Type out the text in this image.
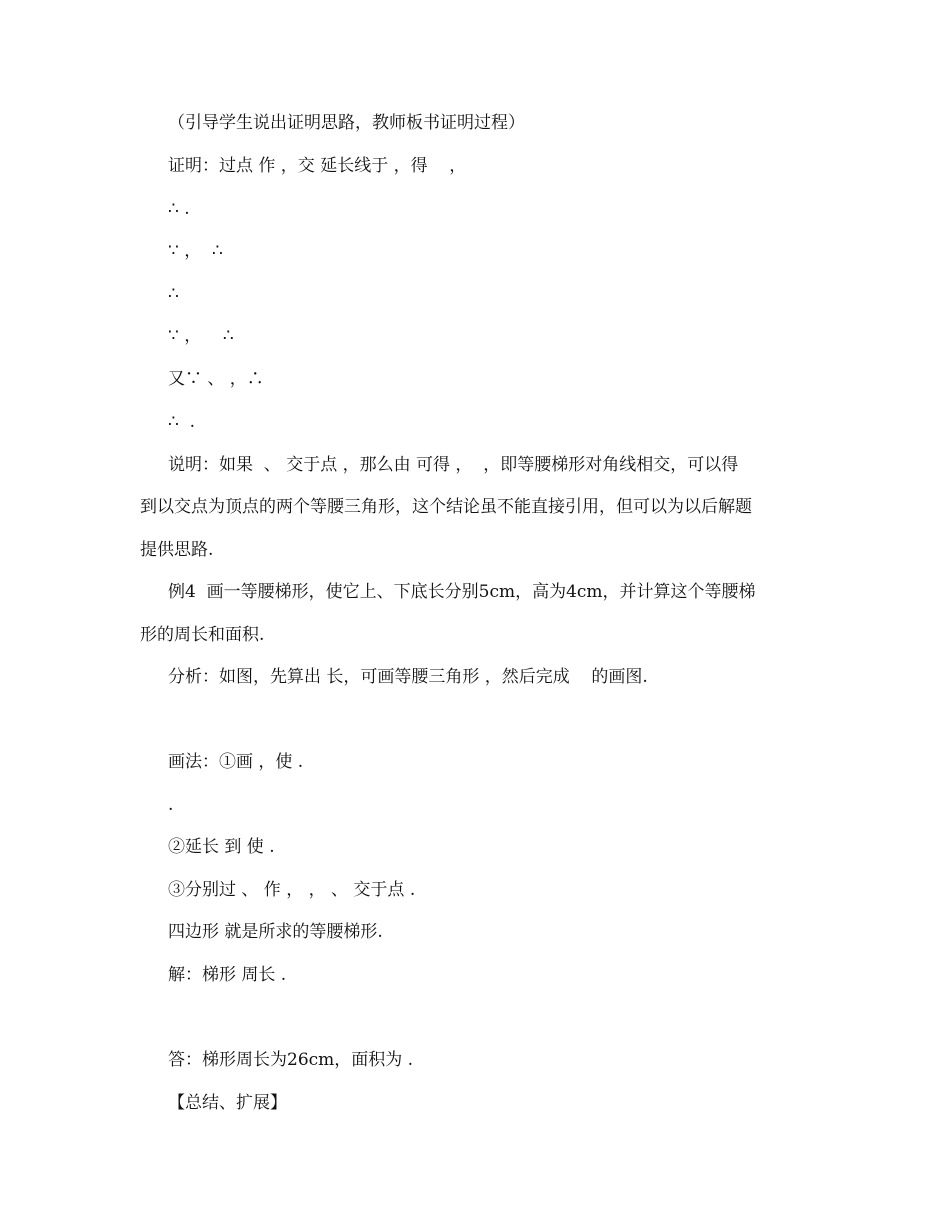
（引导学生说出证明思路，教师板书证明过程）
证明：过点 作 ，交 延长线于 ，得    ，
∴ .
∵ ，  ∴
∴
∵ ，    ∴
又∵ 、 ，∴
∴  .
说明：如果  、 交于点 ，那么由 可得 ，  ，即等腰梯形对角线相交，可以得
到以交点为顶点的两个等腰三角形，这个结论虽不能直接引用，但可以为以后解题
提供思路.
例4  画一等腰梯形，使它上、下底长分别5cm，高为4cm，并计算这个等腰梯
形的周长和面积.
分析：如图，先算出 长，可画等腰三角形 ，然后完成    的画图.
画法：①画 ，使 .
.
②延长 到 使 .
③分别过 、 作 ， ， 、 交于点 .
四边形 就是所求的等腰梯形.
解：梯形 周长 .
答：梯形周长为26cm，面积为 .
【总结、扩展】
